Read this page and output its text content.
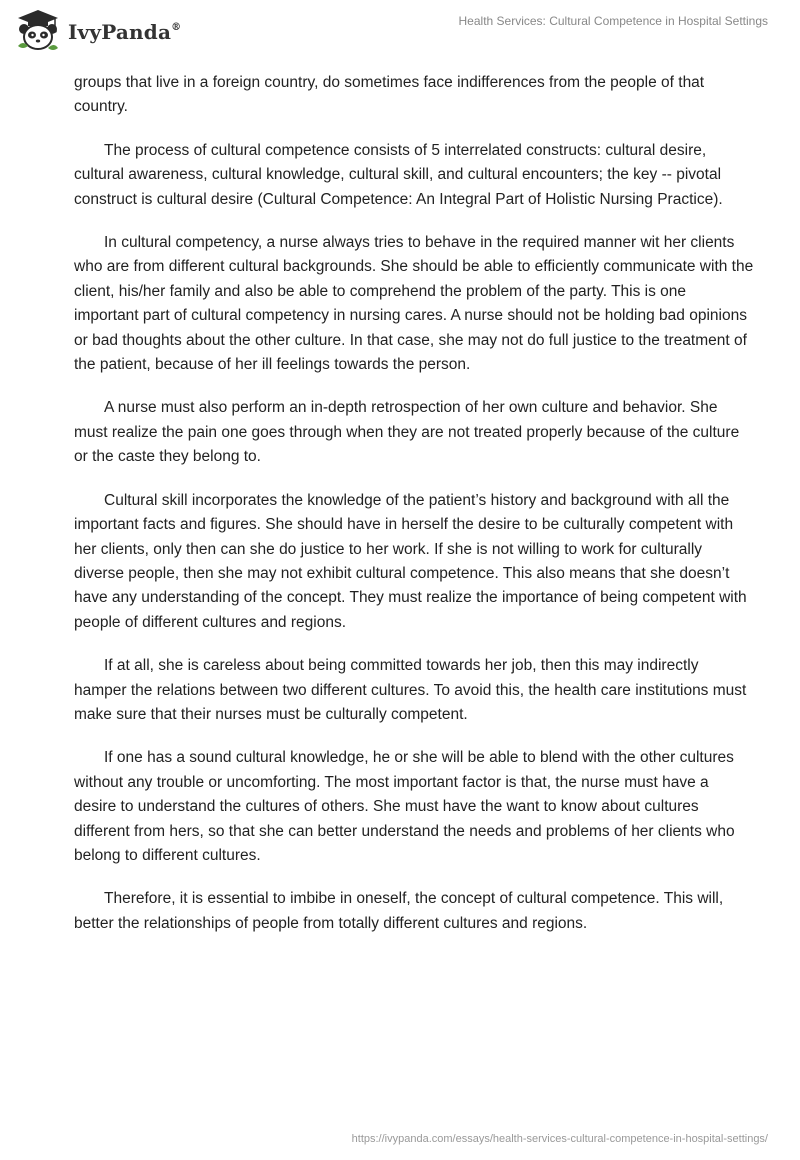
IvyPanda®	Health Services: Cultural Competence in Hospital Settings

groups that live in a foreign country, do sometimes face indifferences from the people of that country.

The process of cultural competence consists of 5 interrelated constructs: cultural desire, cultural awareness, cultural knowledge, cultural skill, and cultural encounters; the key -- pivotal construct is cultural desire (Cultural Competence: An Integral Part of Holistic Nursing Practice).

In cultural competency, a nurse always tries to behave in the required manner wit her clients who are from different cultural backgrounds. She should be able to efficiently communicate with the client, his/her family and also be able to comprehend the problem of the party. This is one important part of cultural competency in nursing cares. A nurse should not be holding bad opinions or bad thoughts about the other culture. In that case, she may not do full justice to the treatment of the patient, because of her ill feelings towards the person.

A nurse must also perform an in-depth retrospection of her own culture and behavior. She must realize the pain one goes through when they are not treated properly because of the culture or the caste they belong to.

Cultural skill incorporates the knowledge of the patient’s history and background with all the important facts and figures. She should have in herself the desire to be culturally competent with her clients, only then can she do justice to her work. If she is not willing to work for culturally diverse people, then she may not exhibit cultural competence. This also means that she doesn’t have any understanding of the concept. They must realize the importance of being competent with people of different cultures and regions.

If at all, she is careless about being committed towards her job, then this may indirectly hamper the relations between two different cultures. To avoid this, the health care institutions must make sure that their nurses must be culturally competent.

If one has a sound cultural knowledge, he or she will be able to blend with the other cultures without any trouble or uncomforting. The most important factor is that, the nurse must have a desire to understand the cultures of others. She must have the want to know about cultures different from hers, so that she can better understand the needs and problems of her clients who belong to different cultures.

Therefore, it is essential to imbibe in oneself, the concept of cultural competence. This will, better the relationships of people from totally different cultures and regions.

https://ivypanda.com/essays/health-services-cultural-competence-in-hospital-settings/
